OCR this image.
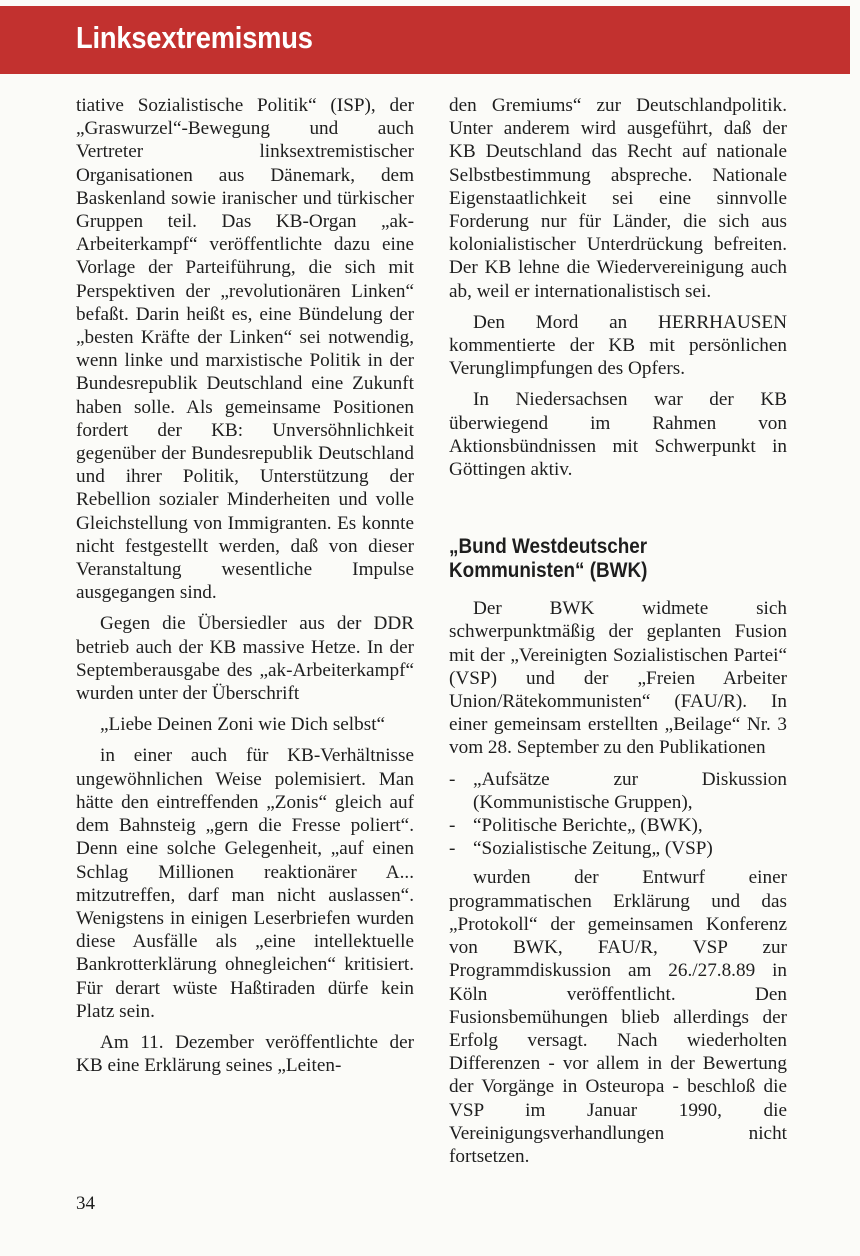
Linksextremismus

tiative Sozialistische Politik“ (ISP), der „Graswurzel“-Bewegung und auch Vertreter linksextremistischer Organisationen aus Dänemark, dem Baskenland sowie iranischer und türkischer Gruppen teil. Das KB-Organ „ak-Arbeiterkampf“ veröffentlichte dazu eine Vorlage der Parteiführung, die sich mit Perspektiven der „revolutionären Linken“ befaßt. Darin heißt es, eine Bündelung der „besten Kräfte der Linken“ sei notwendig, wenn linke und marxistische Politik in der Bundesrepublik Deutschland eine Zukunft haben solle. Als gemeinsame Positionen fordert der KB: Unversöhnlichkeit gegenüber der Bundesrepublik Deutschland und ihrer Politik, Unterstützung der Rebellion sozialer Minderheiten und volle Gleichstellung von Immigranten. Es konnte nicht festgestellt werden, daß von dieser Veranstaltung wesentliche Impulse ausgegangen sind.

Gegen die Übersiedler aus der DDR betrieb auch der KB massive Hetze. In der Septemberausgabe des „ak-Arbeiterkampf“ wurden unter der Überschrift

„Liebe Deinen Zoni wie Dich selbst“

in einer auch für KB-Verhältnisse ungewöhnlichen Weise polemisiert. Man hätte den eintreffenden „Zonis“ gleich auf dem Bahnsteig „gern die Fresse poliert“. Denn eine solche Gelegenheit, „auf einen Schlag Millionen reaktionärer A... mitzutreffen, darf man nicht auslassen“. Wenigstens in einigen Leserbriefen wurden diese Ausfälle als „eine intellektuelle Bankrotterklärung ohnegleichen“ kritisiert. Für derart wüste Haßtiraden dürfe kein Platz sein.

Am 11. Dezember veröffentlichte der KB eine Erklärung seines „Leiten-

den Gremiums“ zur Deutschlandpolitik. Unter anderem wird ausgeführt, daß der KB Deutschland das Recht auf nationale Selbstbestimmung abspreche. Nationale Eigenstaatlichkeit sei eine sinnvolle Forderung nur für Länder, die sich aus kolonialistischer Unterdrückung befreiten. Der KB lehne die Wiedervereinigung auch ab, weil er internationalistisch sei.

Den Mord an HERRHAUSEN kommentierte der KB mit persönlichen Verunglimpfungen des Opfers.

In Niedersachsen war der KB überwiegend im Rahmen von Aktionsbündnissen mit Schwerpunkt in Göttingen aktiv.

„Bund Westdeutscher Kommunisten“ (BWK)

Der BWK widmete sich schwerpunktmäßig der geplanten Fusion mit der „Vereinigten Sozialistischen Partei“ (VSP) und der „Freien Arbeiter Union/Rätekommunisten“ (FAU/R). In einer gemeinsam erstellten „Beilage“ Nr. 3 vom 28. September zu den Publikationen

- „Aufsätze zur Diskussion (Kommunistische Gruppen),
- “Politische Berichte„ (BWK),
- “Sozialistische Zeitung„ (VSP)

wurden der Entwurf einer programmatischen Erklärung und das „Protokoll“ der gemeinsamen Konferenz von BWK, FAU/R, VSP zur Programmdiskussion am 26./27.8.89 in Köln veröffentlicht. Den Fusionsbemühungen blieb allerdings der Erfolg versagt. Nach wiederholten Differenzen - vor allem in der Bewertung der Vorgänge in Osteuropa - beschloß die VSP im Januar 1990, die Vereinigungsverhandlungen nicht fortsetzen.

34
